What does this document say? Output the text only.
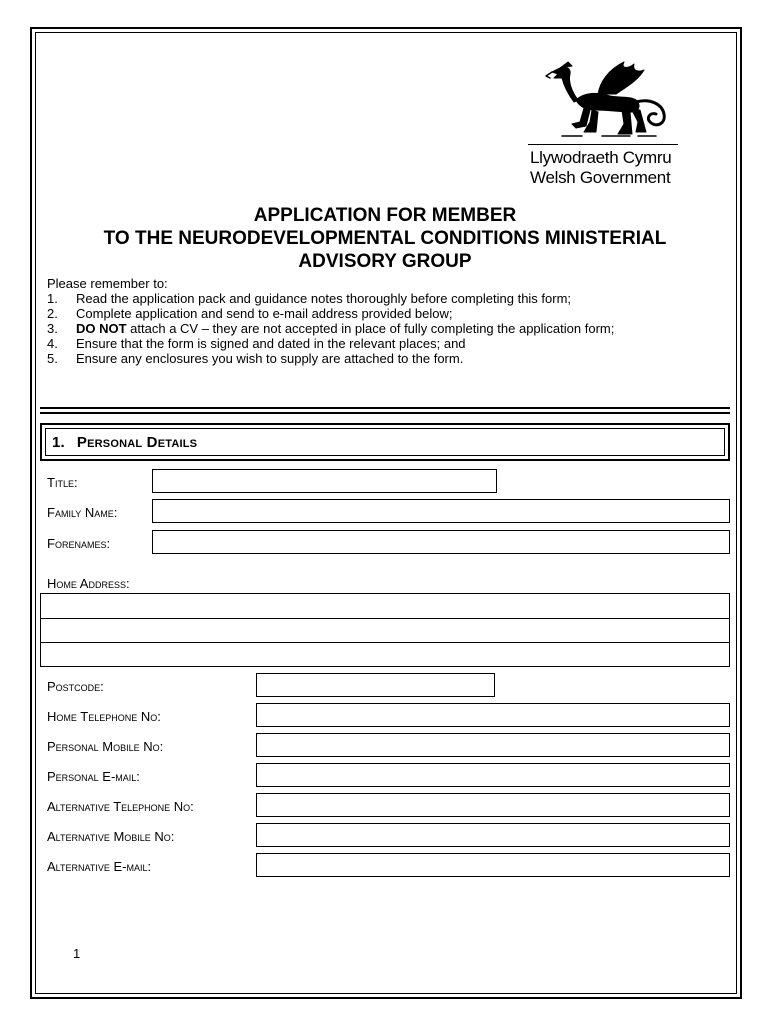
Llywodraeth Cymru
Welsh Government
APPLICATION FOR MEMBER
TO THE NEURODEVELOPMENTAL CONDITIONS MINISTERIAL
ADVISORY GROUP
Please remember to:
1. Read the application pack and guidance notes thoroughly before completing this form;
2. Complete application and send to e-mail address provided below;
3. DO NOT attach a CV – they are not accepted in place of fully completing the application form;
4. Ensure that the form is signed and dated in the relevant places; and
5. Ensure any enclosures you wish to supply are attached to the form.
1. Personal Details
Title:
Family Name:
Forenames:
Home Address:
Postcode:
Home Telephone No:
Personal Mobile No:
Personal E-mail:
Alternative Telephone No:
Alternative Mobile No:
Alternative E-mail:
1
